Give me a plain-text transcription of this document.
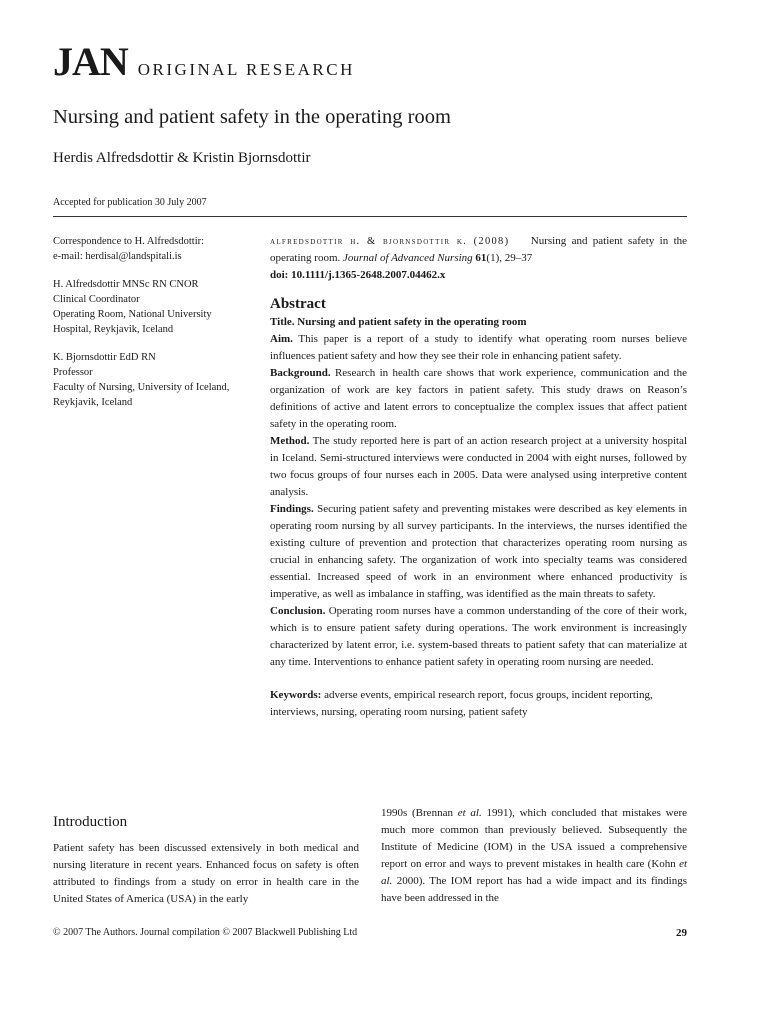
JAN ORIGINAL RESEARCH
Nursing and patient safety in the operating room
Herdis Alfredsdottir & Kristin Bjornsdottir
Accepted for publication 30 July 2007

Correspondence to H. Alfredsdottir:
e-mail: herdisal@landspitali.is

H. Alfredsdottir MNSc RN CNOR
Clinical Coordinator
Operating Room, National University
Hospital, Reykjavik, Iceland

K. Bjornsdottir EdD RN
Professor
Faculty of Nursing, University of Iceland,
Reykjavik, Iceland

alfredsdottir h. & bjornsdottir k. (2008) Nursing and patient safety in the operating room. Journal of Advanced Nursing 61(1), 29–37

doi: 10.1111/j.1365-2648.2007.04462.x

Abstract

Title. Nursing and patient safety in the operating room

Aim. This paper is a report of a study to identify what operating room nurses believe influences patient safety and how they see their role in enhancing patient safety.

Background. Research in health care shows that work experience, communication and the organization of work are key factors in patient safety. This study draws on Reason’s definitions of active and latent errors to conceptualize the complex issues that affect patient safety in the operating room.

Method. The study reported here is part of an action research project at a university hospital in Iceland. Semi-structured interviews were conducted in 2004 with eight nurses, followed by two focus groups of four nurses each in 2005. Data were analysed using interpretive content analysis.

Findings. Securing patient safety and preventing mistakes were described as key elements in operating room nursing by all survey participants. In the interviews, the nurses identified the existing culture of prevention and protection that characterizes operating room nursing as crucial in enhancing safety. The organization of work into specialty teams was considered essential. Increased speed of work in an environment where enhanced productivity is imperative, as well as imbalance in staffing, was identified as the main threats to safety.

Conclusion. Operating room nurses have a common understanding of the core of their work, which is to ensure patient safety during operations. The work environment is increasingly characterized by latent error, i.e. system-based threats to patient safety that can materialize at any time. Interventions to enhance patient safety in operating room nursing are needed.

Keywords: adverse events, empirical research report, focus groups, incident reporting, interviews, nursing, operating room nursing, patient safety

Introduction

Patient safety has been discussed extensively in both medical and nursing literature in recent years. Enhanced focus on safety is often attributed to findings from a study on error in health care in the United States of America (USA) in the early

1990s (Brennan et al. 1991), which concluded that mistakes were much more common than previously believed. Subsequently the Institute of Medicine (IOM) in the USA issued a comprehensive report on error and ways to prevent mistakes in health care (Kohn et al. 2000). The IOM report has had a wide impact and its findings have been addressed in the

© 2007 The Authors. Journal compilation © 2007 Blackwell Publishing Ltd	29
